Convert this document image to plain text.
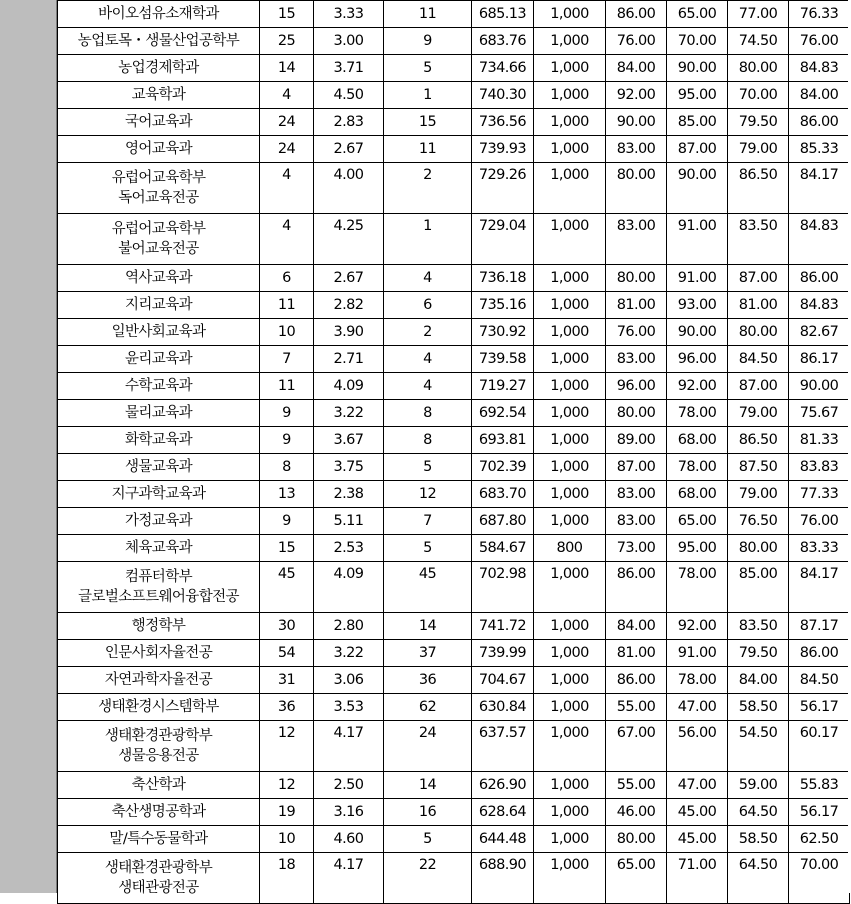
바이오섬유소재학과	15	3.33	11	685.13	1,000	86.00	65.00	77.00	76.33

농업토목・생물산업공학부	25	3.00	9	683.76	1,000	76.00	70.00	74.50	76.00

농업경제학과	14	3.71	5	734.66	1,000	84.00	90.00	80.00	84.83

교육학과	4	4.50	1	740.30	1,000	92.00	95.00	70.00	84.00

국어교육과	24	2.83	15	736.56	1,000	90.00	85.00	79.50	86.00

영어교육과	24	2.67	11	739.93	1,000	83.00	87.00	79.00	85.33

유럽어교육학부
독어교육전공	4	4.00	2	729.26	1,000	80.00	90.00	86.50	84.17

유럽어교육학부
불어교육전공	4	4.25	1	729.04	1,000	83.00	91.00	83.50	84.83

역사교육과	6	2.67	4	736.18	1,000	80.00	91.00	87.00	86.00

지리교육과	11	2.82	6	735.16	1,000	81.00	93.00	81.00	84.83

일반사회교육과	10	3.90	2	730.92	1,000	76.00	90.00	80.00	82.67

윤리교육과	7	2.71	4	739.58	1,000	83.00	96.00	84.50	86.17

수학교육과	11	4.09	4	719.27	1,000	96.00	92.00	87.00	90.00

물리교육과	9	3.22	8	692.54	1,000	80.00	78.00	79.00	75.67

화학교육과	9	3.67	8	693.81	1,000	89.00	68.00	86.50	81.33

생물교육과	8	3.75	5	702.39	1,000	87.00	78.00	87.50	83.83

지구과학교육과	13	2.38	12	683.70	1,000	83.00	68.00	79.00	77.33

가정교육과	9	5.11	7	687.80	1,000	83.00	65.00	76.50	76.00

체육교육과	15	2.53	5	584.67	800	73.00	95.00	80.00	83.33

컴퓨터학부
글로벌소프트웨어융합전공	45	4.09	45	702.98	1,000	86.00	78.00	85.00	84.17

행정학부	30	2.80	14	741.72	1,000	84.00	92.00	83.50	87.17

인문사회자율전공	54	3.22	37	739.99	1,000	81.00	91.00	79.50	86.00

자연과학자율전공	31	3.06	36	704.67	1,000	86.00	78.00	84.00	84.50

생태환경시스템학부	36	3.53	62	630.84	1,000	55.00	47.00	58.50	56.17

생태환경관광학부
생물응용전공	12	4.17	24	637.57	1,000	67.00	56.00	54.50	60.17

축산학과	12	2.50	14	626.90	1,000	55.00	47.00	59.00	55.83

축산생명공학과	19	3.16	16	628.64	1,000	46.00	45.00	64.50	56.17

말/특수동물학과	10	4.60	5	644.48	1,000	80.00	45.00	58.50	62.50

생태환경관광학부
생태관광전공	18	4.17	22	688.90	1,000	65.00	71.00	64.50	70.00
